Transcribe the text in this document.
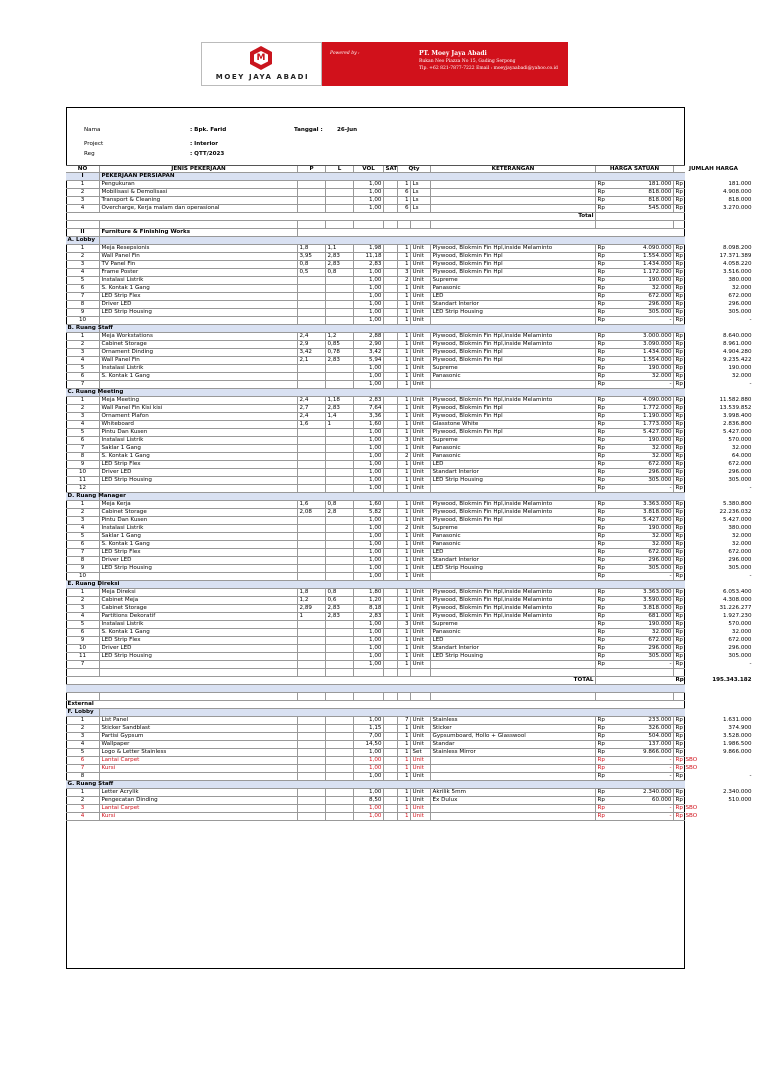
M
MOEY JAYA ABADI
Powered by :	PT. Moey Jaya Abadi
Rukan Neo Piazza No 15, Gading Serpong
Tlp. +62 821-7877-7222 Email : moeyjayaabadi@yahoo.co.id
Nama	: Bpk. Farid	Tanggal :	26-Jun
Project	: Interior
Reg	: QTT/2023
NO	JENIS PEKERJAAN	P	L	VOL	SAT	Qty	KETERANGAN	HARGA SATUAN	JUMLAH HARGA
I	PEKERJAAN PERSIAPAN
1	Pengukuran	1,00	1 Ls	Rp	181.000 Rp	181.000
2	Mobilisasi & Demolisasi	1,00	6 Ls	Rp	818.000 Rp	4.908.000
3	Transport & Cleaning	1,00	1 Ls	Rp	818.000 Rp	818.000
4	Overcharge, Kerja malam dan operasional	1,00	6 Ls	Rp	545.000 Rp	3.270.000
Total
II	Furniture & Finishing Works
A. Lobby
1	Meja Resepsionis	1,8	1,1	1,98	1 Unit	Plywood, Blokmin Fin Hpl,inside Melaminto	Rp	4.090.000 Rp	8.098.200
2	Wall Panel Fin	3,95	2,83	11,18	1 Unit	Plywood, Blokmin Fin Hpl	Rp	1.554.000 Rp	17.371.389
3	TV Panel Fin	0,8	2,83	2,83	1 Unit	Plywood, Blokmin Fin Hpl	Rp	1.434.000 Rp	4.058.220
4	Frame Poster	0,5	0,8	1,00	3 Unit	Plywood, Blokmin Fin Hpl	Rp	1.172.000 Rp	3.516.000
5	Instalasi Listrik	1,00	2 Unit	Supreme	Rp	190.000 Rp	380.000
6	S. Kontak 1 Gang	1,00	1 Unit	Panasonic	Rp	32.000 Rp	32.000
7	LED Strip Flex	1,00	1 Unit	LED	Rp	672.000 Rp	672.000
8	Driver LED	1,00	1 Unit	Standart Interior	Rp	296.000 Rp	296.000
9	LED Strip Housing	1,00	1 Unit	LED Strip Housing	Rp	305.000 Rp	305.000
10	1,00	1 Unit	Rp	- Rp	-
B. Ruang Staff
1	Meja Workstations	2,4	1,2	2,88	1 Unit	Plywood, Blokmin Fin Hpl,inside Melaminto	Rp	3.000.000 Rp	8.640.000
2	Cabinet Storage	2,9	0,85	2,90	1 Unit	Plywood, Blokmin Fin Hpl,inside Melaminto	Rp	3.090.000 Rp	8.961.000
3	Ornament Dinding	3,42	0,78	3,42	1 Unit	Plywood, Blokmin Fin Hpl	Rp	1.434.000 Rp	4.904.280
4	Wall Panel Fin	2,1	2,83	5,94	1 Unit	Plywood, Blokmin Fin Hpl	Rp	1.554.000 Rp	9.235.422
5	Instalasi Listrik	1,00	1 Unit	Supreme	Rp	190.000 Rp	190.000
6	S. Kontak 1 Gang	1,00	1 Unit	Panasonic	Rp	32.000 Rp	32.000
7	1,00	1 Unit	Rp	- Rp	-
C. Ruang Meeting
1	Meja Meeting	2,4	1,18	2,83	1 Unit	Plywood, Blokmin Fin Hpl,inside Melaminto	Rp	4.090.000 Rp	11.582.880
2	Wall Panel Fin Kisi kisi	2,7	2,83	7,64	1 Unit	Plywood, Blokmin Fin Hpl	Rp	1.772.000 Rp	13.539.852
3	Ornament Plafon	2,4	1,4	3,36	1 Unit	Plywood, Blokmin Fin Hpl	Rp	1.190.000 Rp	3.998.400
4	Whiteboard	1,6	1	1,60	1 Unit	Glasstone White	Rp	1.773.000 Rp	2.836.800
5	Pintu Dan Kusen	1,00	1 Unit	Plywood, Blokmin Fin Hpl	Rp	5.427.000 Rp	5.427.000
6	Instalasi Listrik	1,00	3 Unit	Supreme	Rp	190.000 Rp	570.000
7	Saklar 1 Gang	1,00	1 Unit	Panasonic	Rp	32.000 Rp	32.000
8	S. Kontak 1 Gang	1,00	2 Unit	Panasonic	Rp	32.000 Rp	64.000
9	LED Strip Flex	1,00	1 Unit	LED	Rp	672.000 Rp	672.000
10	Driver LED	1,00	1 Unit	Standart Interior	Rp	296.000 Rp	296.000
11	LED Strip Housing	1,00	1 Unit	LED Strip Housing	Rp	305.000 Rp	305.000
12	1,00	1 Unit	Rp	- Rp	-
D. Ruang Manager
1	Meja Kerja	1,6	0,8	1,60	1 Unit	Plywood, Blokmin Fin Hpl,inside Melaminto	Rp	3.363.000 Rp	5.380.800
2	Cabinet Storage	2,08	2,8	5,82	1 Unit	Plywood, Blokmin Fin Hpl,inside Melaminto	Rp	3.818.000 Rp	22.236.032
3	Pintu Dan Kusen	1,00	1 Unit	Plywood, Blokmin Fin Hpl	Rp	5.427.000 Rp	5.427.000
4	Instalasi Listrik	1,00	2 Unit	Supreme	Rp	190.000 Rp	380.000
5	Saklar 1 Gang	1,00	1 Unit	Panasonic	Rp	32.000 Rp	32.000
6	S. Kontak 1 Gang	1,00	1 Unit	Panasonic	Rp	32.000 Rp	32.000
7	LED Strip Flex	1,00	1 Unit	LED	Rp	672.000 Rp	672.000
8	Driver LED	1,00	1 Unit	Standart Interior	Rp	296.000 Rp	296.000
9	LED Strip Housing	1,00	1 Unit	LED Strip Housing	Rp	305.000 Rp	305.000
10	1,00	1 Unit	Rp	- Rp	-
E. Ruang Direksi
1	Meja Direksi	1,8	0,8	1,80	1 Unit	Plywood, Blokmin Fin Hpl,inside Melaminto	Rp	3.363.000 Rp	6.053.400
2	Cabinet Meja	1,2	0,6	1,20	1 Unit	Plywood, Blokmin Fin Hpl,inside Melaminto	Rp	3.590.000 Rp	4.308.000
3	Cabinet Storage	2,89	2,83	8,18	1 Unit	Plywood, Blokmin Fin Hpl,inside Melaminto	Rp	3.818.000 Rp	31.226.277
4	Partitions Dekoratif	1	2,83	2,83	1 Unit	Plywood, Blokmin Fin Hpl,inside Melaminto	Rp	681.000 Rp	1.927.230
5	Instalasi Listrik	1,00	3 Unit	Supreme	Rp	190.000 Rp	570.000
6	S. Kontak 1 Gang	1,00	1 Unit	Panasonic	Rp	32.000 Rp	32.000
9	LED Strip Flex	1,00	1 Unit	LED	Rp	672.000 Rp	672.000
10	Driver LED	1,00	1 Unit	Standart Interior	Rp	296.000 Rp	296.000
11	LED Strip Housing	1,00	1 Unit	LED Strip Housing	Rp	305.000 Rp	305.000
7	1,00	1 Unit	Rp	- Rp	-
TOTAL	Rp	195.343.182
External
F. Lobby
1	List Panel	1,00	7 Unit	Stainless	Rp	233.000 Rp	1.631.000
2	Sticker Sandblast	1,15	1 Unit	Sticker	Rp	326.000 Rp	374.900
3	Partisi Gypsum	7,00	1 Unit	Gypsumboard, Hollo + Glasswool	Rp	504.000 Rp	3.528.000
4	Wallpaper	14,50	1 Unit	Standar	Rp	137.000 Rp	1.986.500
5	Logo & Letter Stainless	1,00	1 Set	Stainless Mirror	Rp	9.866.000 Rp	9.866.000
6	Lantai Carpet	1,00	1 Unit	Rp	- Rp SBO
7	Kursi	1,00	1 Unit	Rp	- Rp SBO
8	1,00	1 Unit	Rp	- Rp	-
G. Ruang Staff
1	Letter Acrylik	1,00	1 Unit	Akrilik 5mm	Rp	2.340.000 Rp	2.340.000
2	Pengecatan Dinding	8,50	1 Unit	Ex Dulux	Rp	60.000 Rp	510.000
3	Lantai Carpet	1,00	1 Unit	Rp	- Rp SBO
4	Kursi	1,00	1 Unit	Rp	- Rp SBO
